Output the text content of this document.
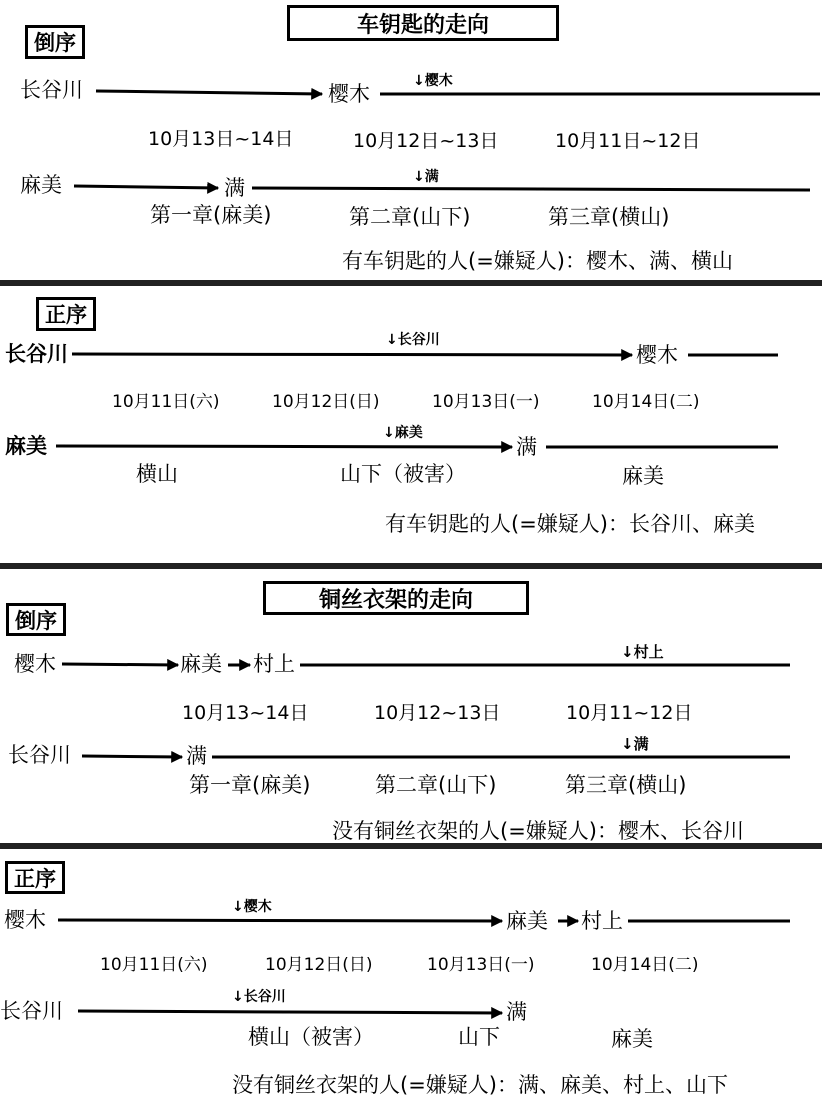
车钥匙的走向
倒序
长谷川	樱木
↓樱木
10月13日~14日	10月12日~13日	10月11日~12日
麻美	满	↓满
第一章(麻美)	第二章(山下)	第三章(横山)
有车钥匙的人(=嫌疑人)：樱木、满、横山
正序
长谷川
↓长谷川
樱木
10月11日(六)	10月12日(日)	10月13日(一)	10月14日(二)
麻美
↓麻美
满
横山	山下（被害）	麻美
有车钥匙的人(=嫌疑人)：长谷川、麻美
铜丝衣架的走向
倒序
樱木	麻美 村上	↓村上
10月13~14日	10月12~13日	10月11~12日
长谷川	↓满
满
第一章(麻美)	第二章(山下)	第三章(横山)
没有铜丝衣架的人(=嫌疑人)：樱木、长谷川
正序
樱木
↓樱木
麻美 村上
10月11日(六)	10月12日(日)	10月13日(一)	10月14日(二)
长谷川
↓长谷川
满
横山（被害）	山下	麻美
没有铜丝衣架的人(=嫌疑人)：满、麻美、村上、山下
